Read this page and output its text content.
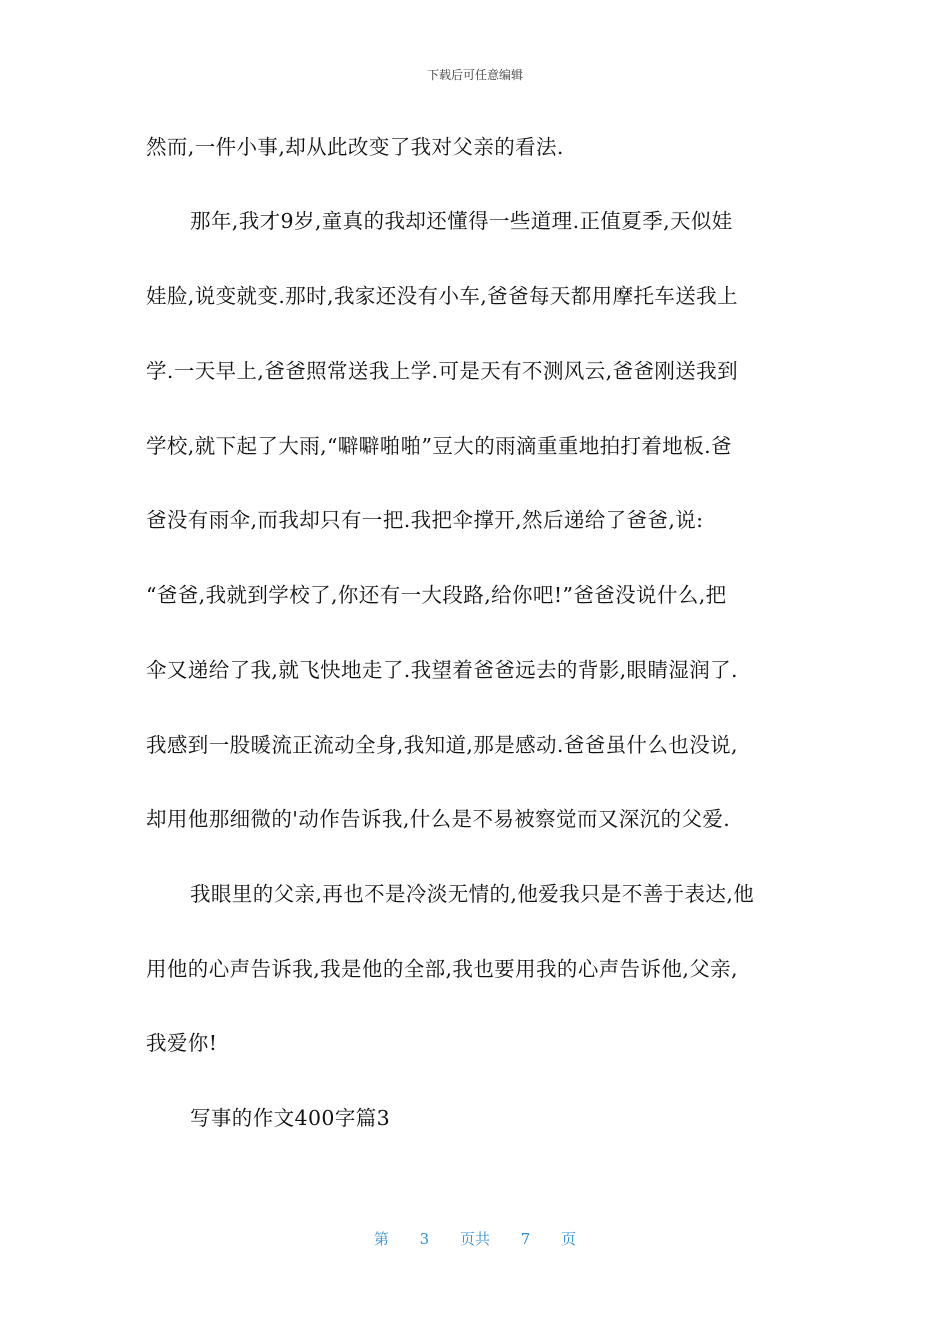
下载后可任意编辑
然而,一件小事,却从此改变了我对父亲的看法.
那年,我才9岁,童真的我却还懂得一些道理.正值夏季,天似娃
娃脸,说变就变.那时,我家还没有小车,爸爸每天都用摩托车送我上
学.一天早上,爸爸照常送我上学.可是天有不测风云,爸爸刚送我到
学校,就下起了大雨,“噼噼啪啪”豆大的雨滴重重地拍打着地板.爸
爸没有雨伞,而我却只有一把.我把伞撑开,然后递给了爸爸,说:
“爸爸,我就到学校了,你还有一大段路,给你吧!”爸爸没说什么,把
伞又递给了我,就飞快地走了.我望着爸爸远去的背影,眼睛湿润了.
我感到一股暖流正流动全身,我知道,那是感动.爸爸虽什么也没说,
却用他那细微的'动作告诉我,什么是不易被察觉而又深沉的父爱.
我眼里的父亲,再也不是冷淡无情的,他爱我只是不善于表达,他
用他的心声告诉我,我是他的全部,我也要用我的心声告诉他,父亲,
我爱你!
写事的作文400字篇3
第 3 页共 7 页
